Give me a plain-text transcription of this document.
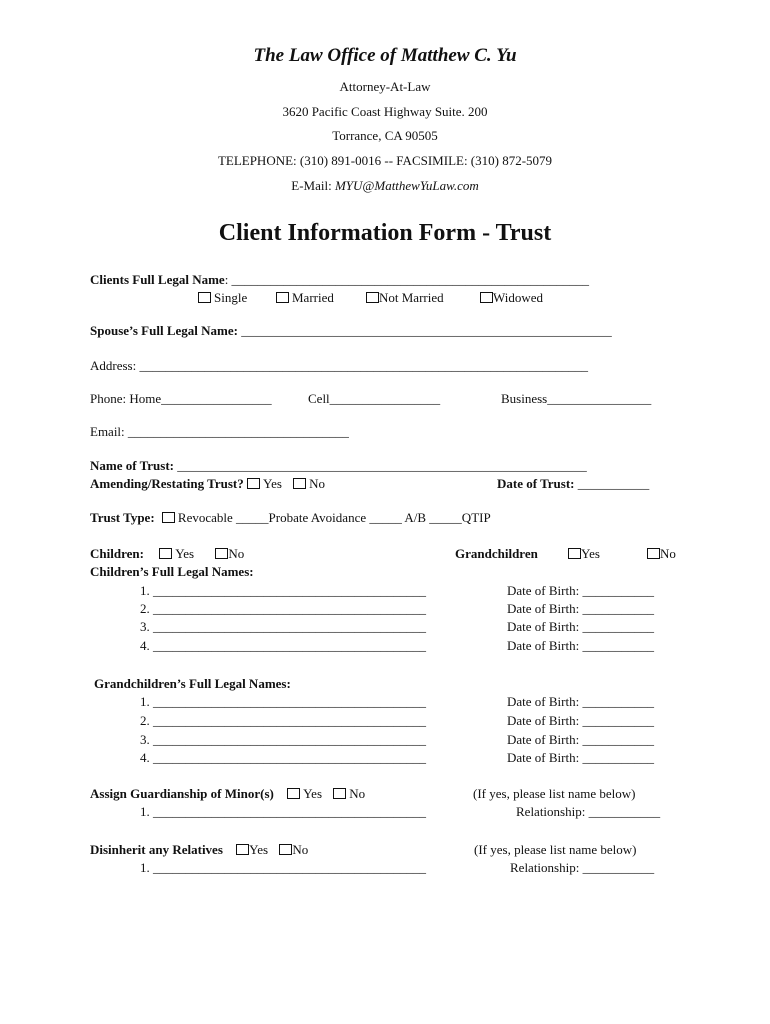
The Law Office of Matthew C. Yu
Attorney-At-Law
3620 Pacific Coast Highway Suite. 200
Torrance, CA 90505
TELEPHONE: (310) 891-0016 -- FACSIMILE: (310) 872-5079
E-Mail: MYU@MatthewYuLaw.com
Client Information Form - Trust
Clients Full Legal Name: _______________________________________________________
Single	Married	Not Married	Widowed
Spouse’s Full Legal Name: _________________________________________________________
Address: _____________________________________________________________________
Phone: Home_________________	Cell_________________	Business________________
Email: __________________________________
Name of Trust: _______________________________________________________________
Amending/Restating Trust? Yes No	Date of Trust: ___________
Trust Type: Revocable _____Probate Avoidance _____ A/B _____QTIP
Children: Yes	No	Grandchildren	Yes	No
Children’s Full Legal Names:
1. __________________________________________	Date of Birth: ___________
2. __________________________________________	Date of Birth: ___________
3. __________________________________________	Date of Birth: ___________
4. __________________________________________	Date of Birth: ___________
Grandchildren’s Full Legal Names:
1. __________________________________________	Date of Birth: ___________
2. __________________________________________	Date of Birth: ___________
3. __________________________________________	Date of Birth: ___________
4. __________________________________________	Date of Birth: ___________
Assign Guardianship of Minor(s) Yes No	(If yes, please list name below)
1. __________________________________________	Relationship: ___________
Disinherit any Relatives Yes No	(If yes, please list name below)
1. __________________________________________	Relationship: ___________
